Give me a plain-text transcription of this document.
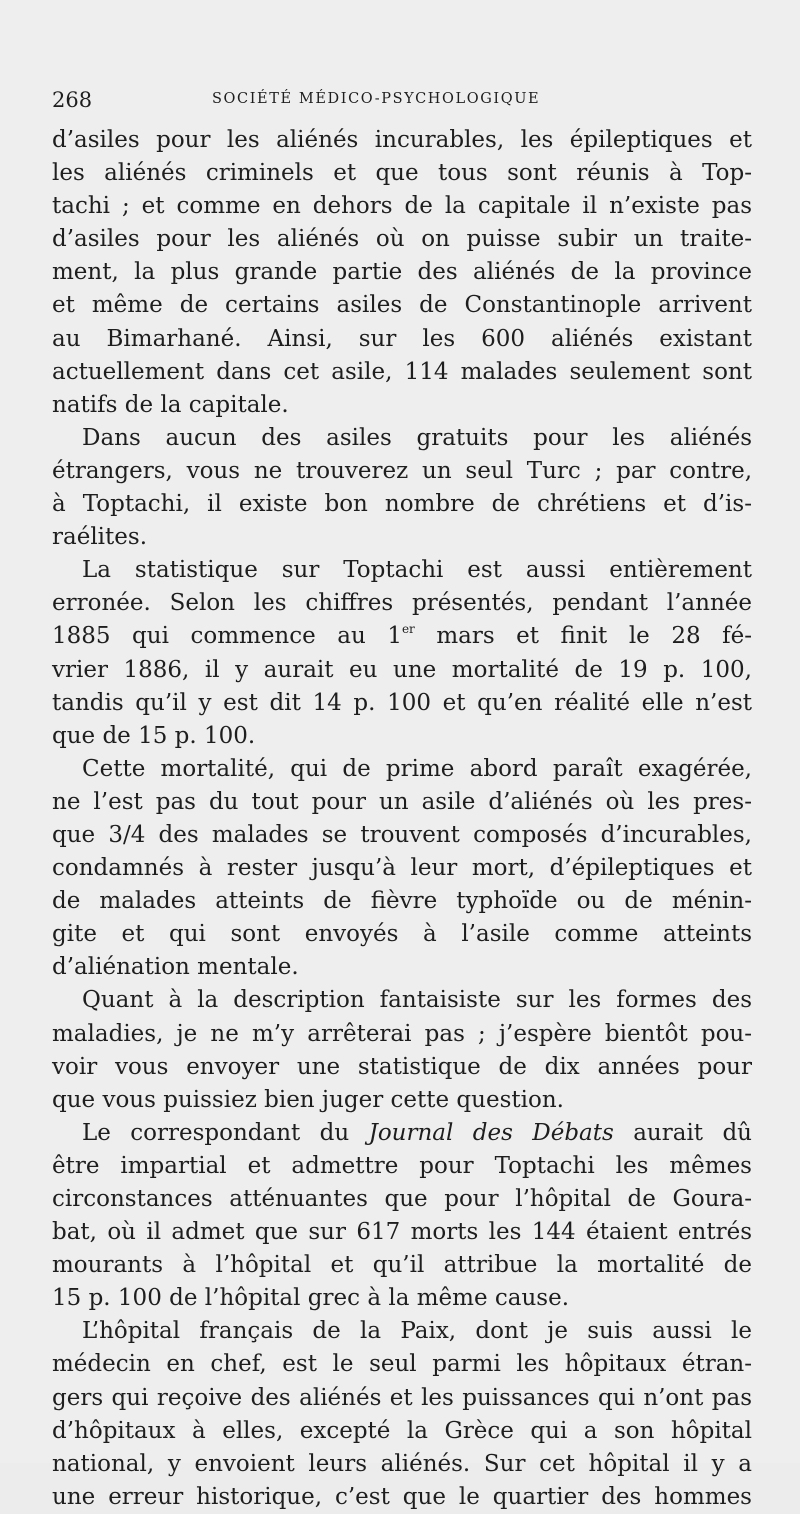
268	SOCIÉTÉ MÉDICO-PSYCHOLOGIQUE
d’asiles pour les aliénés incurables, les épileptiques et
les aliénés criminels et que tous sont réunis à Top-
tachi ; et comme en dehors de la capitale il n’existe pas
d’asiles pour les aliénés où on puisse subir un traite-
ment, la plus grande partie des aliénés de la province
et même de certains asiles de Constantinople arrivent
au Bimarhané. Ainsi, sur les 600 aliénés existant
actuellement dans cet asile, 114 malades seulement sont
natifs de la capitale.
Dans aucun des asiles gratuits pour les aliénés
étrangers, vous ne trouverez un seul Turc ; par contre,
à Toptachi, il existe bon nombre de chrétiens et d’is-
raélites.
La statistique sur Toptachi est aussi entièrement
erronée. Selon les chiffres présentés, pendant l’année
1885 qui commence au 1er mars et finit le 28 fé-
vrier 1886, il y aurait eu une mortalité de 19 p. 100,
tandis qu’il y est dit 14 p. 100 et qu’en réalité elle n’est
que de 15 p. 100.
Cette mortalité, qui de prime abord paraît exagérée,
ne l’est pas du tout pour un asile d’aliénés où les pres-
que 3/4 des malades se trouvent composés d’incurables,
condamnés à rester jusqu’à leur mort, d’épileptiques et
de malades atteints de fièvre typhoïde ou de ménin-
gite et qui sont envoyés à l’asile comme atteints
d’aliénation mentale.
Quant à la description fantaisiste sur les formes des
maladies, je ne m’y arrêterai pas ; j’espère bientôt pou-
voir vous envoyer une statistique de dix années pour
que vous puissiez bien juger cette question.
Le correspondant du Journal des Débats aurait dû
être impartial et admettre pour Toptachi les mêmes
circonstances atténuantes que pour l’hôpital de Goura-
bat, où il admet que sur 617 morts les 144 étaient entrés
mourants à l’hôpital et qu’il attribue la mortalité de
15 p. 100 de l’hôpital grec à la même cause.
L’hôpital français de la Paix, dont je suis aussi le
médecin en chef, est le seul parmi les hôpitaux étran-
gers qui reçoive des aliénés et les puissances qui n’ont pas
d’hôpitaux à elles, excepté la Grèce qui a son hôpital
national, y envoient leurs aliénés. Sur cet hôpital il y a
une erreur historique, c’est que le quartier des hommes
